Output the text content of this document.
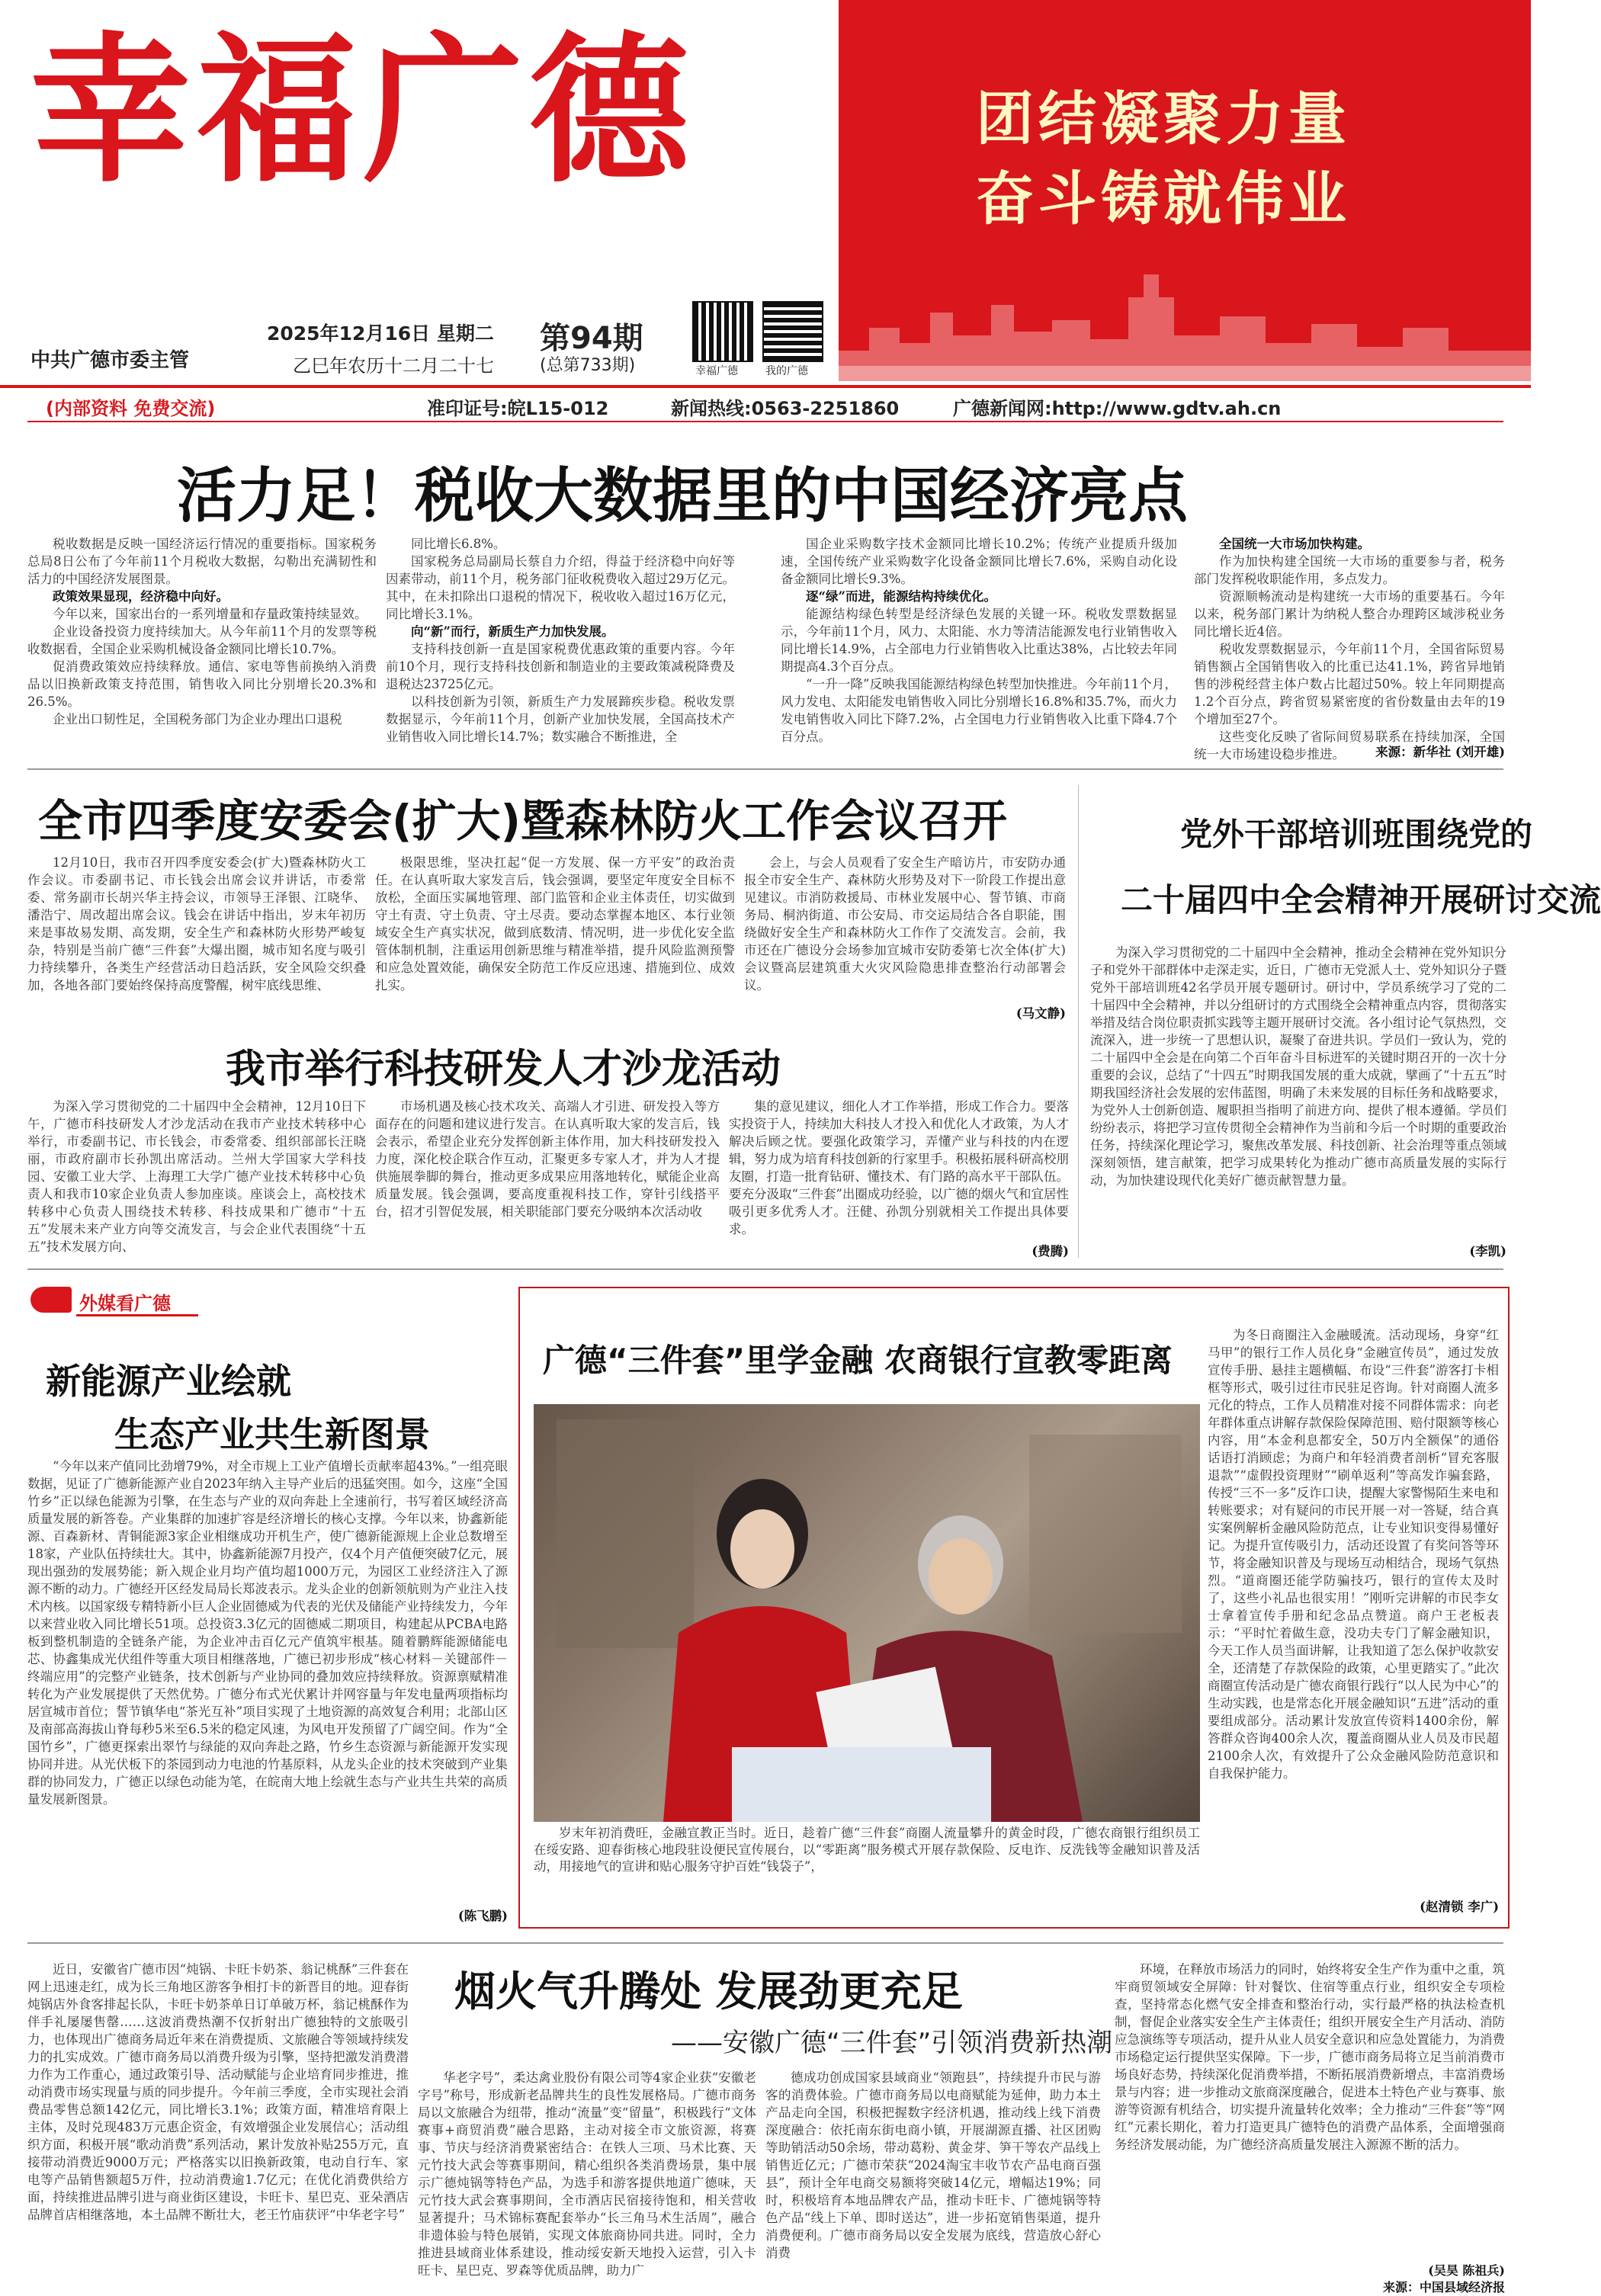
幸福广德
中共广德市委主管
2025年12月16日 星期二
乙巳年农历十二月二十七
第94期
(总第733期)	幸福广德	我的广德
团结凝聚力量
奋斗铸就伟业
(内部资料 免费交流)	准印证号:皖L15-012	新闻热线:0563-2251860	广德新闻网:http://www.gdtv.ah.cn
活力足！税收大数据里的中国经济亮点

税收数据是反映一国经济运行情况的重要指标。国家税务总局8日公布了今年前11个月税收大数据，勾勒出充满韧性和活力的中国经济发展图景。

政策效果显现，经济稳中向好。

今年以来，国家出台的一系列增量和存量政策持续显效。

企业设备投资力度持续加大。从今年前11个月的发票等税收数据看，全国企业采购机械设备金额同比增长10.7%。

促消费政策效应持续释放。通信、家电等售前换纳入消费品以旧换新政策支持范围，销售收入同比分别增长20.3%和26.5%。

企业出口韧性足，全国税务部门为企业办理出口退税

同比增长6.8%。

国家税务总局副局长蔡自力介绍，得益于经济稳中向好等因素带动，前11个月，税务部门征收税费收入超过29万亿元。其中，在未扣除出口退税的情况下，税收收入超过16万亿元，同比增长3.1%。

向“新”而行，新质生产力加快发展。

支持科技创新一直是国家税费优惠政策的重要内容。今年前10个月，现行支持科技创新和制造业的主要政策减税降费及退税达23725亿元。

以科技创新为引领，新质生产力发展蹄疾步稳。税收发票数据显示，今年前11个月，创新产业加快发展，全国高技术产业销售收入同比增长14.7%；数实融合不断推进，全

国企业采购数字技术金额同比增长10.2%；传统产业提质升级加速，全国传统产业采购数字化设备金额同比增长7.6%，采购自动化设备金额同比增长9.3%。

逐“绿”而进，能源结构持续优化。

能源结构绿色转型是经济绿色发展的关键一环。税收发票数据显示，今年前11个月，风力、太阳能、水力等清洁能源发电行业销售收入同比增长14.9%，占全部电力行业销售收入比重达38%，占比较去年同期提高4.3个百分点。

“一升一降”反映我国能源结构绿色转型加快推进。今年前11个月，风力发电、太阳能发电销售收入同比分别增长16.8%和35.7%，而火力发电销售收入同比下降7.2%，占全国电力行业销售收入比重下降4.7个百分点。

全国统一大市场加快构建。

作为加快构建全国统一大市场的重要参与者，税务部门发挥税收职能作用，多点发力。

资源顺畅流动是构建统一大市场的重要基石。今年以来，税务部门累计为纳税人整合办理跨区域涉税业务同比增长近4倍。

税收发票数据显示，今年前11个月，全国省际贸易销售额占全国销售收入的比重已达41.1%，跨省异地销售的涉税经营主体户数占比超过50%。较上年同期提高1.2个百分点，跨省贸易紧密度的省份数量由去年的19个增加至27个。

这些变化反映了省际间贸易联系在持续加深，全国统一大市场建设稳步推进。	来源：新华社 (刘开雄)
全市四季度安委会(扩大)暨森林防火工作会议召开

12月10日，我市召开四季度安委会(扩大)暨森林防火工作会议。市委副书记、市长钱会出席会议并讲话，市委常委、常务副市长胡兴华主持会议，市领导王泽银、江晓华、潘浩宁、周改超出席会议。钱会在讲话中指出，岁末年初历来是事故易发期、高发期，安全生产和森林防火形势严峻复杂，特别是当前广德“三件套”大爆出圈，城市知名度与吸引力持续攀升，各类生产经营活动日趋活跃，安全风险交织叠加，各地各部门要始终保持高度警醒，树牢底线思维、

极限思维，坚决扛起“促一方发展、保一方平安”的政治责任。在认真听取大家发言后，钱会强调，要坚定年度安全目标不放松，全面压实属地管理、部门监管和企业主体责任，切实做到守土有责、守土负责、守土尽责。要动态掌握本地区、本行业领域安全生产真实状况，做到底数清、情况明，进一步优化安全监管体制机制，注重运用创新思维与精准举措，提升风险监测预警和应急处置效能，确保安全防范工作反应迅速、措施到位、成效扎实。

会上，与会人员观看了安全生产暗访片，市安防办通报全市安全生产、森林防火形势及对下一阶段工作提出意见建议。市消防救援局、市林业发展中心、誓节镇、市商务局、桐汭街道、市公安局、市交运局结合各自职能，围绕做好安全生产和森林防火工作作了交流发言。会前，我市还在广德设分会场参加宣城市安防委第七次全体(扩大)会议暨高层建筑重大火灾风险隐患排查整治行动部署会议。

(马文静)
党外干部培训班围绕党的
二十届四中全会精神开展研讨交流

为深入学习贯彻党的二十届四中全会精神，推动全会精神在党外知识分子和党外干部群体中走深走实，近日，广德市无党派人士、党外知识分子暨党外干部培训班42名学员开展专题研讨。研讨中，学员系统学习了党的二十届四中全会精神，并以分组研讨的方式围绕全会精神重点内容，贯彻落实举措及结合岗位职责抓实践等主题开展研讨交流。各小组讨论气氛热烈，交流深入，进一步统一了思想认识，凝聚了奋进共识。学员们一致认为，党的二十届四中全会是在向第二个百年奋斗目标进军的关键时期召开的一次十分重要的会议，总结了“十四五”时期我国发展的重大成就，擘画了“十五五”时期我国经济社会发展的宏伟蓝图，明确了未来发展的目标任务和战略要求，为党外人士创新创造、履职担当指明了前进方向、提供了根本遵循。学员们纷纷表示，将把学习宣传贯彻全会精神作为当前和今后一个时期的重要政治任务，持续深化理论学习，聚焦改革发展、科技创新、社会治理等重点领域深刻领悟，建言献策，把学习成果转化为推动广德市高质量发展的实际行动，为加快建设现代化美好广德贡献智慧力量。

(李凯)
我市举行科技研发人才沙龙活动

为深入学习贯彻党的二十届四中全会精神，12月10日下午，广德市科技研发人才沙龙活动在我市产业技术转移中心举行，市委副书记、市长钱会，市委常委、组织部部长汪晓丽，市政府副市长孙凯出席活动。兰州大学国家大学科技园、安徽工业大学、上海理工大学广德产业技术转移中心负责人和我市10家企业负责人参加座谈。座谈会上，高校技术转移中心负责人围绕技术转移、科技成果和广德市“十五五”发展未来产业方向等交流发言，与会企业代表围绕“十五五”技术发展方向、

市场机遇及核心技术攻关、高端人才引进、研发投入等方面存在的问题和建议进行发言。在认真听取大家的发言后，钱会表示，希望企业充分发挥创新主体作用，加大科技研发投入力度，深化校企联合作互动，汇聚更多专家人才，并为人才提供施展拳脚的舞台，推动更多成果应用落地转化，赋能企业高质量发展。钱会强调，要高度重视科技工作，穿针引线搭平台，招才引智促发展，相关职能部门要充分吸纳本次活动收

集的意见建议，细化人才工作举措，形成工作合力。要落实投资于人，持续加大科技人才投入和优化人才政策，为人才解决后顾之忧。要强化政策学习，弄懂产业与科技的内在逻辑，努力成为培育科技创新的行家里手。积极拓展科研高校朋友圈，打造一批育钻研、懂技术、有门路的高水平干部队伍。要充分汲取“三件套”出圈成功经验，以广德的烟火气和宜居性吸引更多优秀人才。汪健、孙凯分别就相关工作提出具体要求。

(费腾)
外媒看广德
新能源产业绘就
生态产业共生新图景

“今年以来产值同比劲增79%，对全市规上工业产值增长贡献率超43%。”一组亮眼数据，见证了广德新能源产业自2023年纳入主导产业后的迅猛突围。如今，这座“全国竹乡”正以绿色能源为引擎，在生态与产业的双向奔赴上全速前行，书写着区域经济高质量发展的新答卷。产业集群的加速扩容是经济增长的核心支撑。今年以来，协鑫新能源、百森新材、青铜能源3家企业相继成功开机生产，使广德新能源规上企业总数增至18家，产业队伍持续壮大。其中，协鑫新能源7月投产，仅4个月产值便突破7亿元，展现出强劲的发展势能；新入规企业月均产值均超1000万元，为园区工业经济注入了源源不断的动力。广德经开区经发局局长郑波表示。龙头企业的创新领航则为产业注入技术内核。以国家级专精特新小巨人企业固德威为代表的光伏及储能产业持续发力，今年以来营业收入同比增长51项。总投资3.3亿元的固德威二期项目，构建起从PCBA电路板到整机制造的全链条产能，为企业冲击百亿元产值筑牢根基。随着鹏辉能源储能电芯、协鑫集成光伏组件等重大项目相继落地，广德已初步形成“核心材料－关键部件－终端应用”的完整产业链条，技术创新与产业协同的叠加效应持续释放。资源禀赋精准转化为产业发展提供了天然优势。广德分布式光伏累计并网容量与年发电量两项指标均居宣城市首位；誓节镇华电“茶光互补”项目实现了土地资源的高效复合利用；北部山区及南部高海拔山脊每秒5米至6.5米的稳定风速，为风电开发预留了广阔空间。作为“全国竹乡”，广德更探索出翠竹与绿能的双向奔赴之路，竹乡生态资源与新能源开发实现协同并进。从光伏板下的茶园到动力电池的竹基原料，从龙头企业的技术突破到产业集群的协同发力，广德正以绿色动能为笔，在皖南大地上绘就生态与产业共生共荣的高质量发展新图景。

(陈飞鹏)
广德“三件套”里学金融 农商银行宣教零距离

岁末年初消费旺，金融宣教正当时。近日，趁着广德“三件套”商圈人流量攀升的黄金时段，广德农商银行组织员工在绥安路、迎春街核心地段驻设便民宣传展台，以“零距离”服务模式开展存款保险、反电诈、反洗钱等金融知识普及活动，用接地气的宣讲和贴心服务守护百姓“钱袋子”，

为冬日商圈注入金融暖流。活动现场，身穿“红马甲”的银行工作人员化身“金融宣传员”，通过发放宣传手册、悬挂主题横幅、布设“三件套”游客打卡相框等形式，吸引过往市民驻足咨询。针对商圈人流多元化的特点，工作人员精准对接不同群体需求：向老年群体重点讲解存款保险保障范围、赔付限额等核心内容，用“本金利息都安全，50万内全额保”的通俗话语打消顾虑；为商户和年轻消费者剖析“冒充客服退款”“虚假投资理财”“刷单返利”等高发诈骗套路，传授“三不一多”反诈口诀，提醒大家警惕陌生来电和转账要求；对有疑问的市民开展一对一答疑，结合真实案例解析金融风险防范点，让专业知识变得易懂好记。为提升宣传吸引力，活动还设置了有奖问答等环节，将金融知识普及与现场互动相结合，现场气氛热烈。“道商圈还能学防骗技巧，银行的宣传太及时了，这些小礼品也很实用！”刚听完讲解的市民李女士拿着宣传手册和纪念品点赞道。商户王老板表示：“平时忙着做生意，没功夫专门了解金融知识，今天工作人员当面讲解，让我知道了怎么保护收款安全，还清楚了存款保险的政策，心里更踏实了。”此次商圈宣传活动是广德农商银行践行“以人民为中心”的生动实践，也是常态化开展金融知识“五进”活动的重要组成部分。活动累计发放宣传资料1400余份，解答群众咨询400余人次，覆盖商圈从业人员及市民超2100余人次，有效提升了公众金融风险防范意识和自我保护能力。

(赵清锁 李广)
烟火气升腾处 发展劲更充足
——安徽广德“三件套”引领消费新热潮

近日，安徽省广德市因“炖锅、卡旺卡奶茶、翁记桃酥”三件套在网上迅速走红，成为长三角地区游客争相打卡的新晋目的地。迎春街炖锅店外食客排起长队，卡旺卡奶茶单日订单破万杯，翁记桃酥作为伴手礼屡屡售罄……这波消费热潮不仅折射出广德独特的文旅吸引力，也体现出广德商务局近年来在消费提质、文旅融合等领域持续发力的扎实成效。广德市商务局以消费升级为引擎，坚持把激发消费潜力作为工作重心，通过政策引导、活动赋能与企业培育同步推进，推动消费市场实现量与质的同步提升。今年前三季度，全市实现社会消费品零售总额142亿元，同比增长3.1%；政策方面，精准培育限上主体，及时兑现483万元惠企资金，有效增强企业发展信心；活动组织方面，积极开展“歌动消费”系列活动，累计发放补贴255万元，直接带动消费近9000万元；严格落实以旧换新政策，电动自行车、家电等产品销售额超5万件，拉动消费逾1.7亿元；在优化消费供给方面，持续推进品牌引进与商业街区建设，卡旺卡、星巴克、亚朵酒店品牌首店相继落地，本土品牌不断壮大，老王竹庙获评“中华老字号”

华老字号”，柔达禽业股份有限公司等4家企业获“安徽老字号”称号，形成新老品牌共生的良性发展格局。广德市商务局以文旅融合为纽带，推动“流量”变“留量”，积极践行“文体赛事+商贸消费”融合思路，主动对接全市文旅资源，将赛事、节庆与经济消费紧密结合：在铁人三项、马术比赛、天元竹技大武会等赛事期间，精心组织各类消费场景，集中展示广德炖锅等特色产品，为选手和游客提供地道广德味，天元竹技大武会赛事期间，全市酒店民宿接待饱和，相关营收显著提升；马术锦标赛配套举办“长三角马术生活周”，融合非遗体验与特色展销，实现文体旅商协同共进。同时，全力推进县域商业体系建设，推动绥安新天地投入运营，引入卡旺卡、星巴克、罗森等优质品牌，助力广

德成功创成国家县域商业“领跑县”，持续提升市民与游客的消费体验。广德市商务局以电商赋能为延伸，助力本土产品走向全国，积极把握数字经济机遇，推动线上线下消费深度融合：依托南东街电商小镇，开展湖源直播、社区团购等助销活动50余场，带动葛粉、黄金芽、笋干等农产品线上销售近亿元；广德市荣获“2024淘宝丰收节农产品电商百强县”，预计全年电商交易额将突破14亿元，增幅达19%；同时，积极培育本地品牌农产品，推动卡旺卡、广德炖锅等特色产品“线上下单、即时送达”，进一步拓宽销售渠道，提升消费便利。广德市商务局以安全发展为底线，营造放心舒心消费

环境，在释放市场活力的同时，始终将安全生产作为重中之重，筑牢商贸领域安全屏障：针对餐饮、住宿等重点行业，组织安全专项检查，坚持常态化燃气安全排查和整治行动，实行最严格的执法检查机制，督促企业落实安全生产主体责任；组织开展安全生产月活动、消防应急演练等专项活动，提升从业人员安全意识和应急处置能力，为消费市场稳定运行提供坚实保障。下一步，广德市商务局将立足当前消费市场良好态势，持续深化促消费举措，不断拓展消费新增点，丰富消费场景与内容；进一步推动文旅商深度融合，促进本土特色产业与赛事、旅游等资源有机结合，切实提升流量转化效率；全力推动“三件套”等“网红”元素长期化，着力打造更具广德特色的消费产品体系，全面增强商务经济发展动能，为广德经济高质量发展注入源源不断的活力。

(吴昊 陈祖兵)
来源：中国县域经济报
